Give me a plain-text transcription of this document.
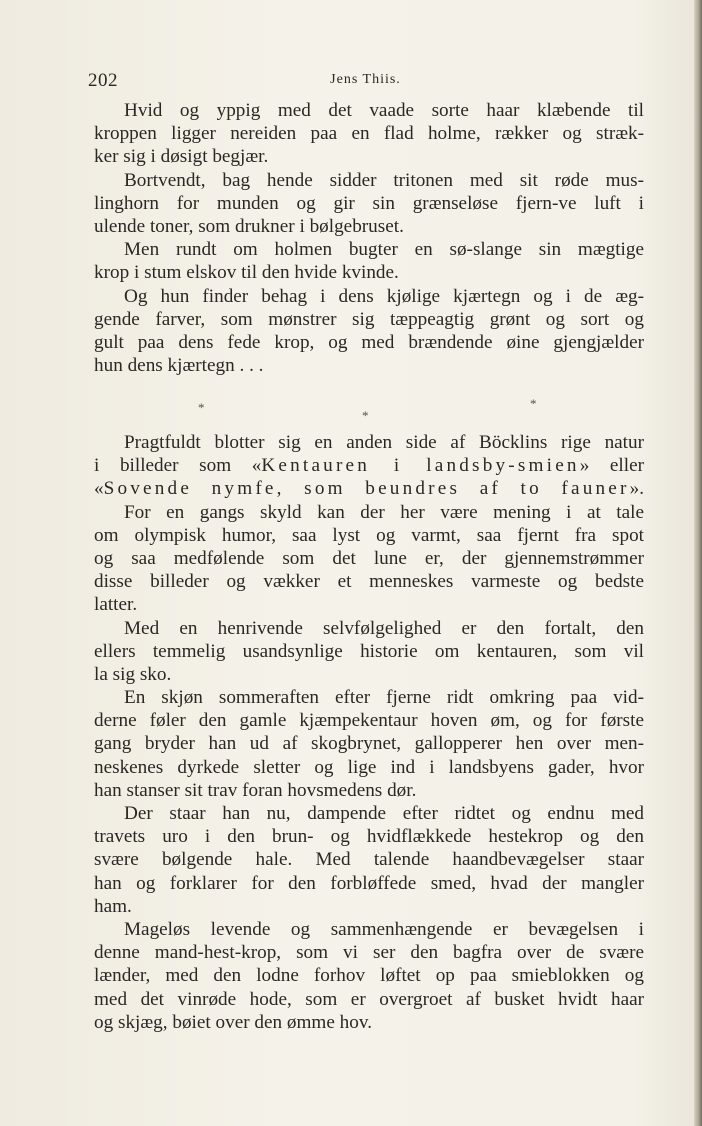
202	Jens Thiis.
Hvid og yppig med det vaade sorte haar klæbende til
kroppen ligger nereiden paa en flad holme, rækker og stræk-
ker sig i døsigt begjær.
Bortvendt, bag hende sidder tritonen med sit røde mus-
linghorn for munden og gir sin grænseløse fjern-ve luft i
ulende toner, som drukner i bølgebruset.
Men rundt om holmen bugter en sø-slange sin mægtige
krop i stum elskov til den hvide kvinde.
Og hun finder behag i dens kjølige kjærtegn og i de æg-
gende farver, som mønstrer sig tæppeagtig grønt og sort og
gult paa dens fede krop, og med brændende øine gjengjælder
hun dens kjærtegn . . .
*	*
*
Pragtfuldt blotter sig en anden side af Böcklins rige natur
i billeder som «Kentauren i landsby-smien» eller
«Sovende nymfe, som beundres af to fauner».
For en gangs skyld kan der her være mening i at tale
om olympisk humor, saa lyst og varmt, saa fjernt fra spot
og saa medfølende som det lune er, der gjennemstrømmer
disse billeder og vækker et menneskes varmeste og bedste
latter.
Med en henrivende selvfølgelighed er den fortalt, den
ellers temmelig usandsynlige historie om kentauren, som vil
la sig sko.
En skjøn sommeraften efter fjerne ridt omkring paa vid-
derne føler den gamle kjæmpekentaur hoven øm, og for første
gang bryder han ud af skogbrynet, gallopperer hen over men-
neskenes dyrkede sletter og lige ind i landsbyens gader, hvor
han stanser sit trav foran hovsmedens dør.
Der staar han nu, dampende efter ridtet og endnu med
travets uro i den brun- og hvidflækkede hestekrop og den
svære bølgende hale. Med talende haandbevægelser staar
han og forklarer for den forbløffede smed, hvad der mangler
ham.
Mageløs levende og sammenhængende er bevægelsen i
denne mand-hest-krop, som vi ser den bagfra over de svære
lænder, med den lodne forhov løftet op paa smieblokken og
med det vinrøde hode, som er overgroet af busket hvidt haar
og skjæg, bøiet over den ømme hov.
